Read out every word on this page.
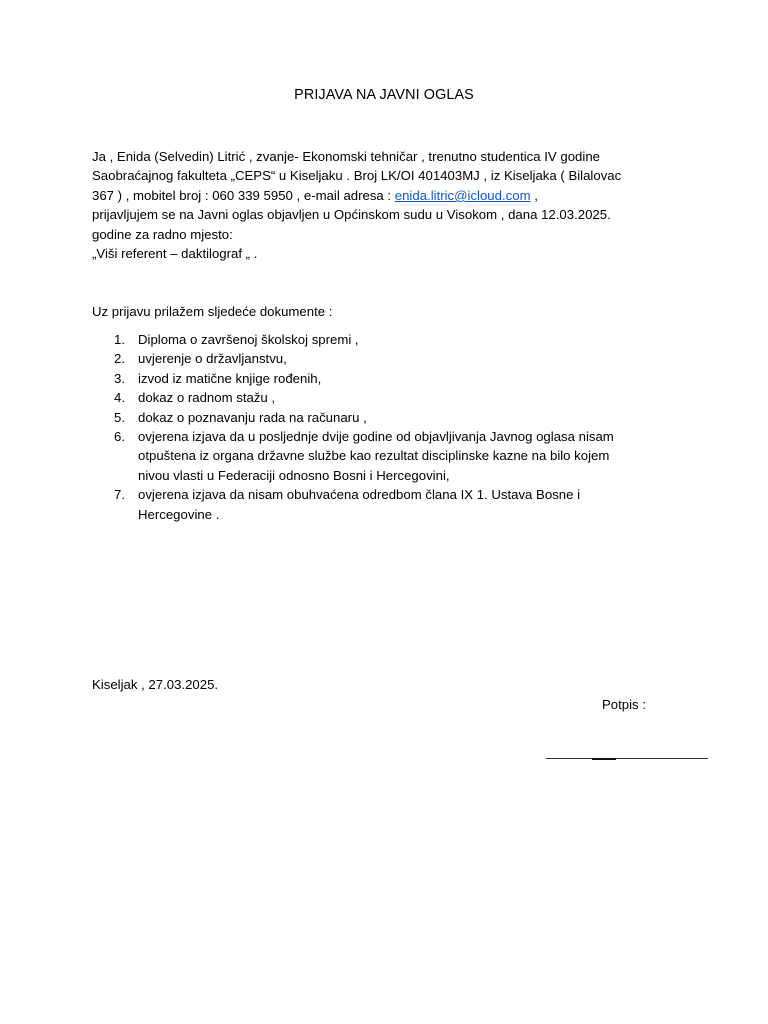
PRIJAVA NA JAVNI OGLAS

Ja , Enida (Selvedin) Litrić , zvanje- Ekonomski tehničar , trenutno studentica IV godine

Saobraćajnog fakulteta „CEPS“ u Kiseljaku . Broj LK/OI 401403MJ , iz Kiseljaka ( Bilalovac

367 ) , mobitel broj : 060 339 5950 , e-mail adresa : enida.litric@icloud.com ,

prijavljujem se na Javni oglas objavljen u Općinskom sudu u Visokom , dana 12.03.2025.

godine za radno mjesto:

„Viši referent – daktilograf „ .

Uz prijavu prilažem sljedeće dokumente :
1. Diploma o završenoj školskoj spremi ,
2. uvjerenje o državljanstvu,
3. izvod iz matične knjige rođenih,
4. dokaz o radnom stažu ,
5. dokaz o poznavanju rada na računaru ,
6. ovjerena izjava da u posljednje dvije godine od objavljivanja Javnog oglasa nisam
otpuštena iz organa državne službe kao rezultat disciplinske kazne na bilo kojem
nivou vlasti u Federaciji odnosno Bosni i Hercegovini,
7. ovjerena izjava da nisam obuhvaćena odredbom člana IX 1. Ustava Bosne i
Hercegovine .
Kiseljak , 27.03.2025.
Potpis :
